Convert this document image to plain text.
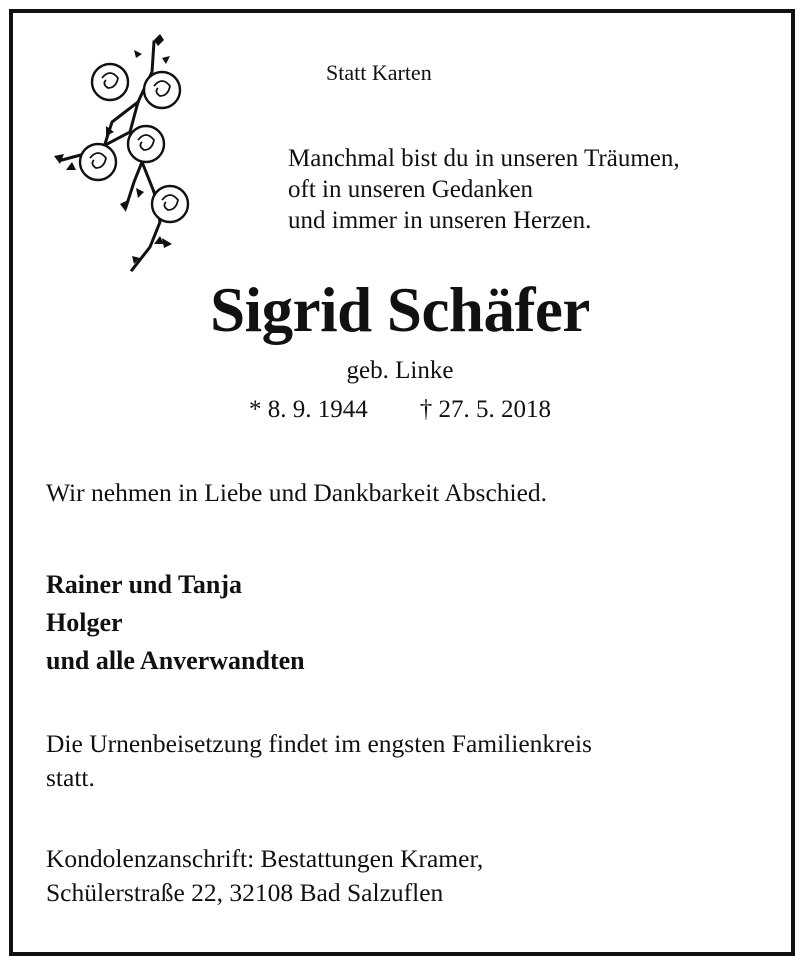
Statt Karten
Manchmal bist du in unseren Träumen,
oft in unseren Gedanken
und immer in unseren Herzen.
Sigrid Schäfer
geb. Linke
* 8. 9. 1944 † 27. 5. 2018
Wir nehmen in Liebe und Dankbarkeit Abschied.
Rainer und Tanja
Holger
und alle Anverwandten
Die Urnenbeisetzung findet im engsten Familienkreis
statt.
Kondolenzanschrift: Bestattungen Kramer,
Schülerstraße 22, 32108 Bad Salzuflen
